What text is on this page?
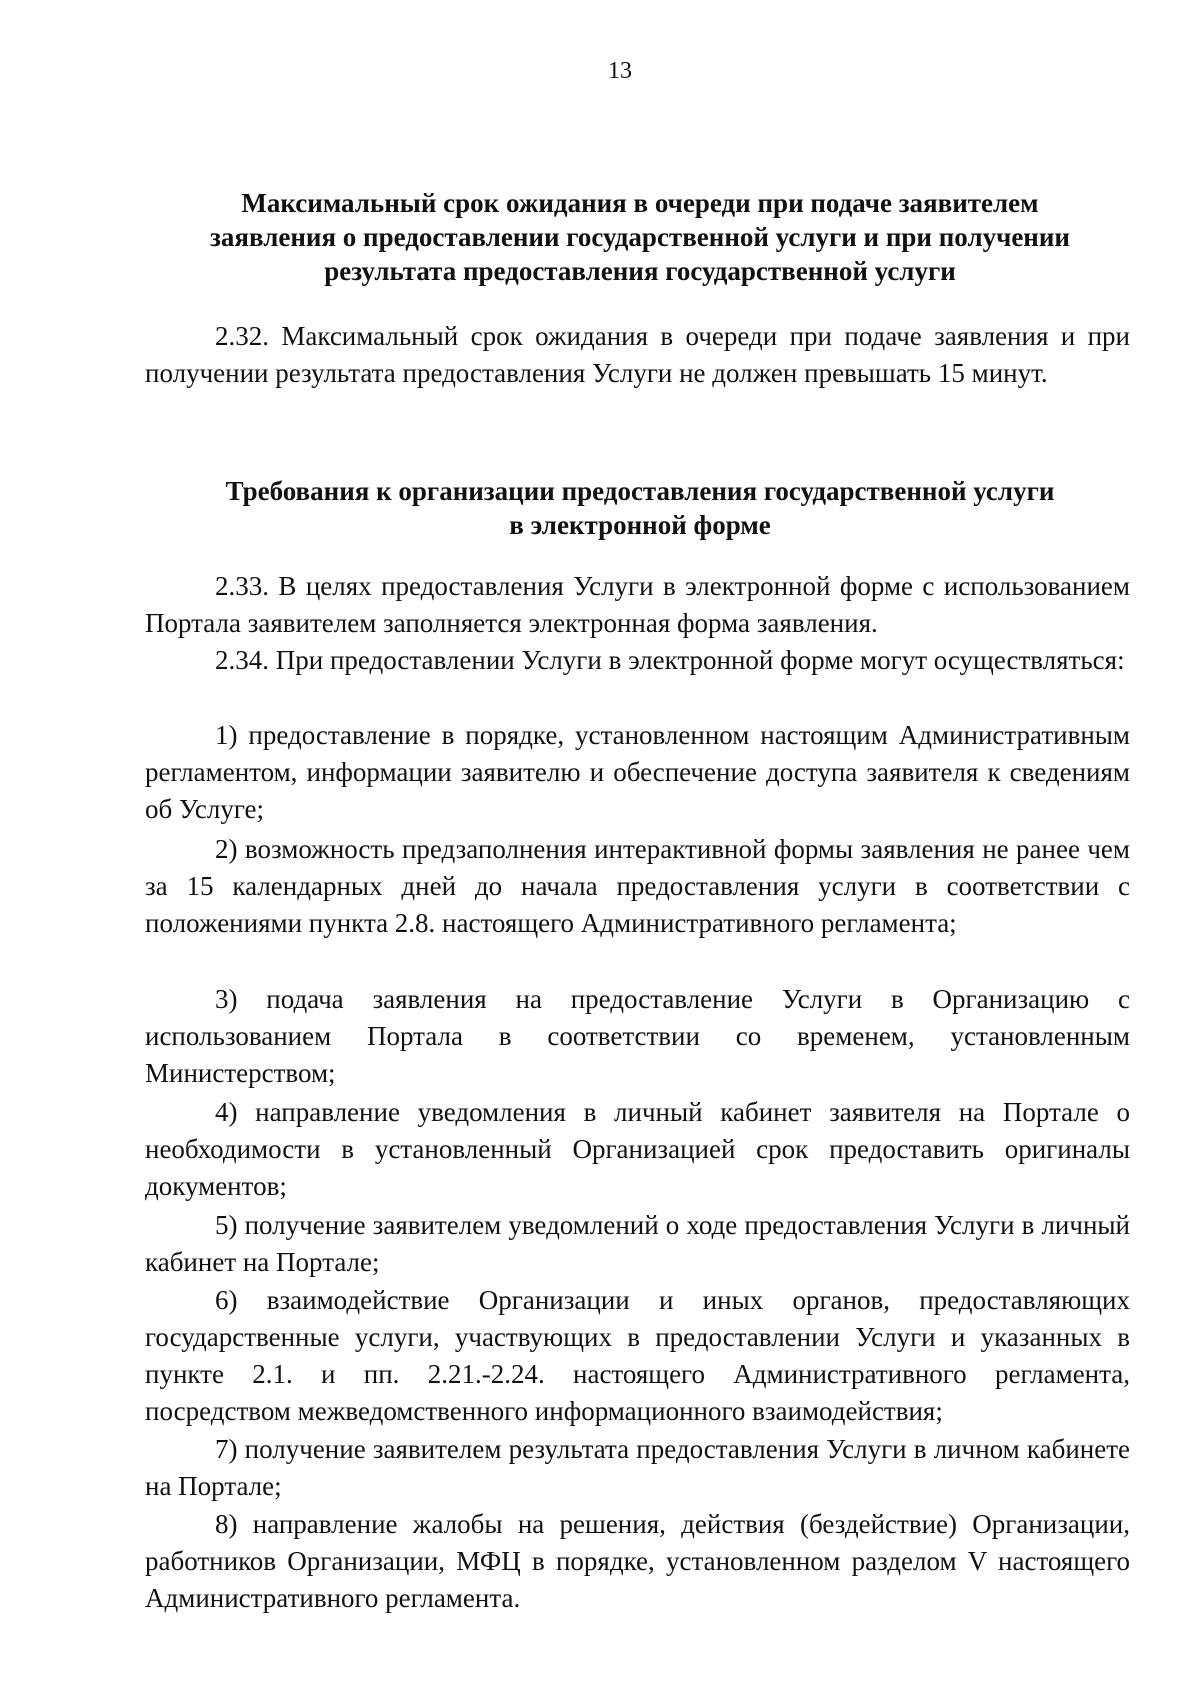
13
Максимальный срок ожидания в очереди при подаче заявителем
заявления о предоставлении государственной услуги и при получении
результата предоставления государственной услуги
2.32. Максимальный срок ожидания в очереди при подаче заявления и при получении результата предоставления Услуги не должен превышать 15 минут.
Требования к организации предоставления государственной услуги
в электронной форме
2.33. В целях предоставления Услуги в электронной форме с использованием Портала заявителем заполняется электронная форма заявления.
2.34. При предоставлении Услуги в электронной форме могут осуществляться:
1) предоставление в порядке, установленном настоящим Административным регламентом, информации заявителю и обеспечение доступа заявителя к сведениям об Услуге;
2) возможность предзаполнения интерактивной формы заявления не ранее чем за 15 календарных дней до начала предоставления услуги в соответствии с положениями пункта 2.8. настоящего Административного регламента;
3) подача заявления на предоставление Услуги в Организацию с использованием Портала в соответствии со временем, установленным Министерством;
4) направление уведомления в личный кабинет заявителя на Портале о необходимости в установленный Организацией срок предоставить оригиналы документов;
5) получение заявителем уведомлений о ходе предоставления Услуги в личный кабинет на Портале;
6) взаимодействие Организации и иных органов, предоставляющих государственные услуги, участвующих в предоставлении Услуги и указанных в пункте 2.1. и пп. 2.21.-2.24. настоящего Административного регламента, посредством межведомственного информационного взаимодействия;
7) получение заявителем результата предоставления Услуги в личном кабинете на Портале;
8) направление жалобы на решения, действия (бездействие) Организации, работников Организации, МФЦ в порядке, установленном разделом V настоящего Административного регламента.
